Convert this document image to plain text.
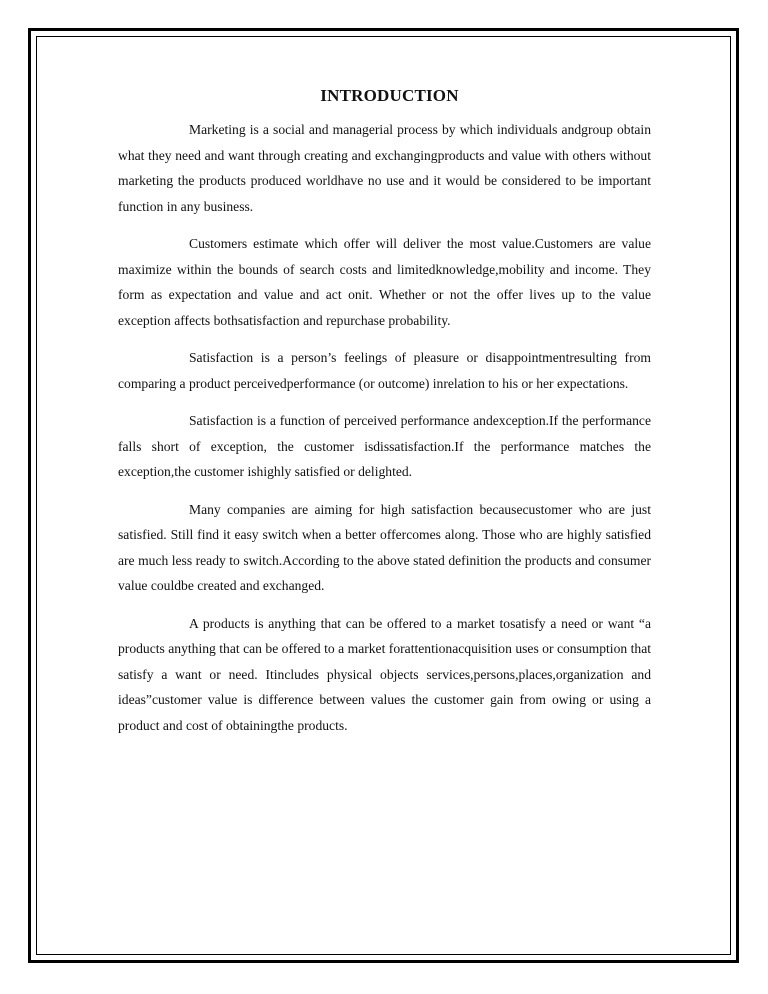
INTRODUCTION

Marketing is a social and managerial process by which individuals andgroup obtain what they need and want through creating and exchangingproducts and value with others without marketing the products produced worldhave no use and it would be considered to be important function in any business.

Customers estimate which offer will deliver the most value.Customers are value maximize within the bounds of search costs and limitedknowledge,mobility and income. They form as expectation and value and act onit. Whether or not the offer lives up to the value exception affects bothsatisfaction and repurchase probability.

Satisfaction is a person’s feelings of pleasure or disappointmentresulting from comparing a product perceivedperformance (or outcome) inrelation to his or her expectations.

Satisfaction is a function of perceived performance andexception.If the performance falls short of exception, the customer isdissatisfaction.If the performance matches the exception,the customer ishighly satisfied or delighted.

Many companies are aiming for high satisfaction becausecustomer who are just satisfied. Still find it easy switch when a better offercomes along. Those who are highly satisfied are much less ready to switch.According to the above stated definition the products and consumer value couldbe created and exchanged.

A products is anything that can be offered to a market tosatisfy a need or want “a products anything that can be offered to a market forattentionacquisition uses or consumption that satisfy a want or need. Itincludes physical objects services,persons,places,organization and ideas”customer value is difference between values the customer gain from owing or using a product and cost of obtainingthe products.
